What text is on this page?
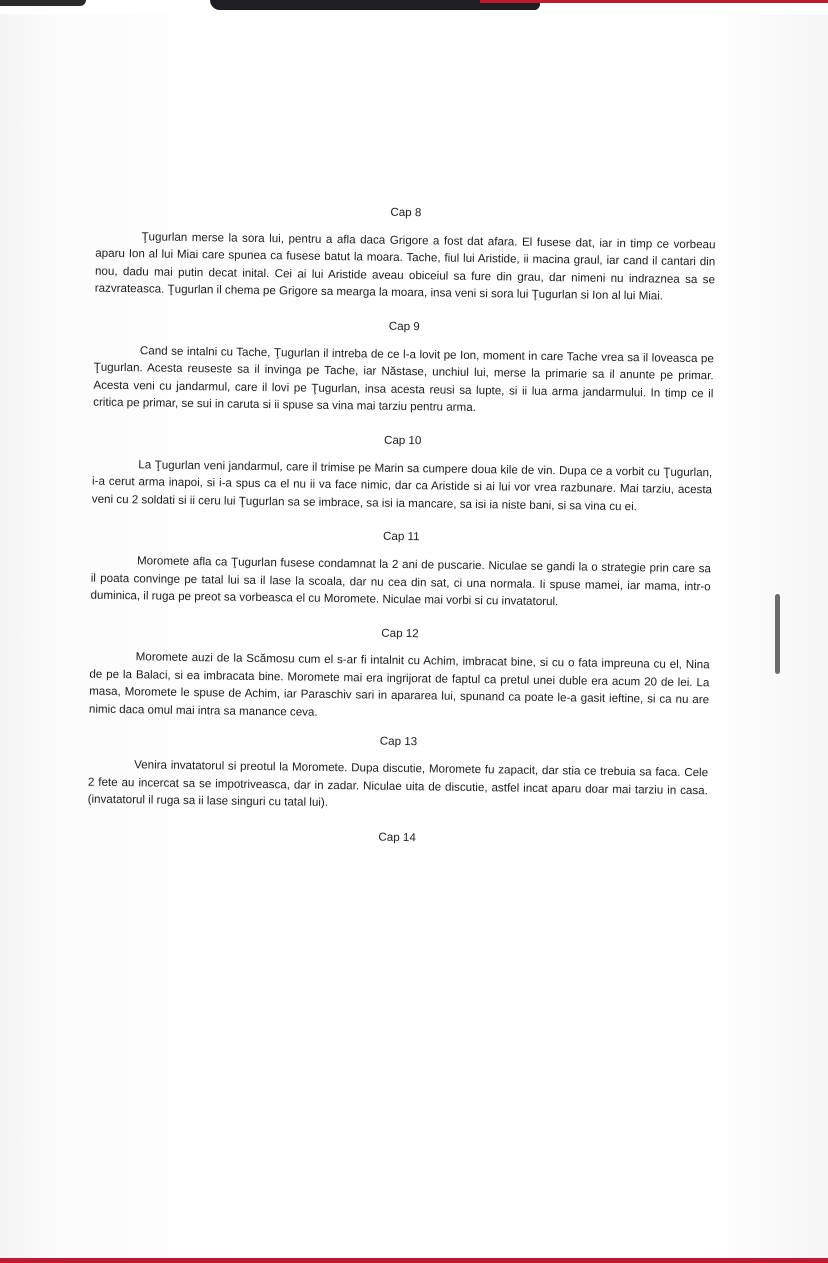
Cap 8

Ţugurlan merse la sora lui, pentru a afla daca Grigore a fost dat afara. El fusese dat, iar in timp ce vorbeau aparu Ion al lui Miai care spunea ca fusese batut la moara. Tache, fiul lui Aristide, ii macina graul, iar cand il cantari din nou, dadu mai putin decat inital. Cei ai lui Aristide aveau obiceiul sa fure din grau, dar nimeni nu indraznea sa se razvrateasca. Ţugurlan il chema pe Grigore sa mearga la moara, insa veni si sora lui Ţugurlan si Ion al lui Miai.

Cap 9

Cand se intalni cu Tache, Ţugurlan il intreba de ce l-a lovit pe Ion, moment in care Tache vrea sa il loveasca pe Ţugurlan. Acesta reuseste sa il invinga pe Tache, iar Năstase, unchiul lui, merse la primarie sa il anunte pe primar. Acesta veni cu jandarmul, care il lovi pe Ţugurlan, insa acesta reusi sa lupte, si ii lua arma jandarmului. In timp ce il critica pe primar, se sui in caruta si ii spuse sa vina mai tarziu pentru arma.

Cap 10

La Ţugurlan veni jandarmul, care il trimise pe Marin sa cumpere doua kile de vin. Dupa ce a vorbit cu Ţugurlan, i-a cerut arma inapoi, si i-a spus ca el nu ii va face nimic, dar ca Aristide si ai lui vor vrea razbunare. Mai tarziu, acesta veni cu 2 soldati si ii ceru lui Ţugurlan sa se imbrace, sa isi ia mancare, sa isi ia niste bani, si sa vina cu ei.

Cap 11

Moromete afla ca Ţugurlan fusese condamnat la 2 ani de puscarie. Niculae se gandi la o strategie prin care sa il poata convinge pe tatal lui sa il lase la scoala, dar nu cea din sat, ci una normala. Ii spuse mamei, iar mama, intr-o duminica, il ruga pe preot sa vorbeasca el cu Moromete. Niculae mai vorbi si cu invatatorul.

Cap 12

Moromete auzi de la Scămosu cum el s-ar fi intalnit cu Achim, imbracat bine, si cu o fata impreuna cu el, Nina de pe la Balaci, si ea imbracata bine. Moromete mai era ingrijorat de faptul ca pretul unei duble era acum 20 de lei. La masa, Moromete le spuse de Achim, iar Paraschiv sari in apararea lui, spunand ca poate le-a gasit ieftine, si ca nu are nimic daca omul mai intra sa manance ceva.

Cap 13

Venira invatatorul si preotul la Moromete. Dupa discutie, Moromete fu zapacit, dar stia ce trebuia sa faca. Cele 2 fete au incercat sa se impotriveasca, dar in zadar. Niculae uita de discutie, astfel incat aparu doar mai tarziu in casa. (invatatorul il ruga sa ii lase singuri cu tatal lui).

Cap 14
